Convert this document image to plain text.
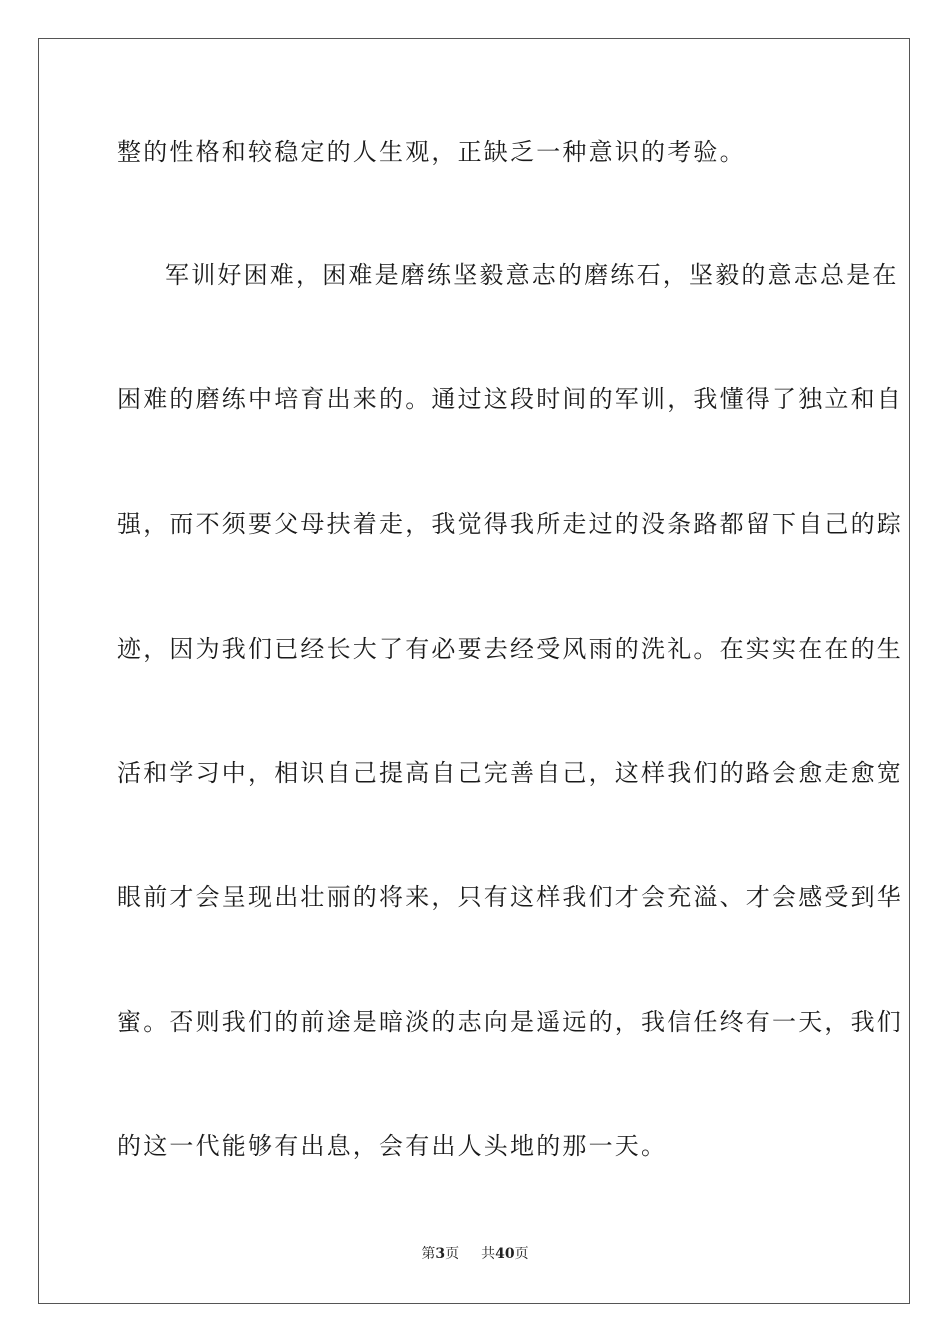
整的性格和较稳定的人生观，正缺乏一种意识的考验。
军训好困难，困难是磨练坚毅意志的磨练石，坚毅的意志总是在
困难的磨练中培育出来的。通过这段时间的军训，我懂得了独立和自
强，而不须要父母扶着走，我觉得我所走过的没条路都留下自己的踪
迹，因为我们已经长大了有必要去经受风雨的洗礼。在实实在在的生
活和学习中，相识自己提高自己完善自己，这样我们的路会愈走愈宽
眼前才会呈现出壮丽的将来，只有这样我们才会充溢、才会感受到华
蜜。否则我们的前途是暗淡的志向是遥远的，我信任终有一天，我们
的这一代能够有出息，会有出人头地的那一天。
第3页 共40页
